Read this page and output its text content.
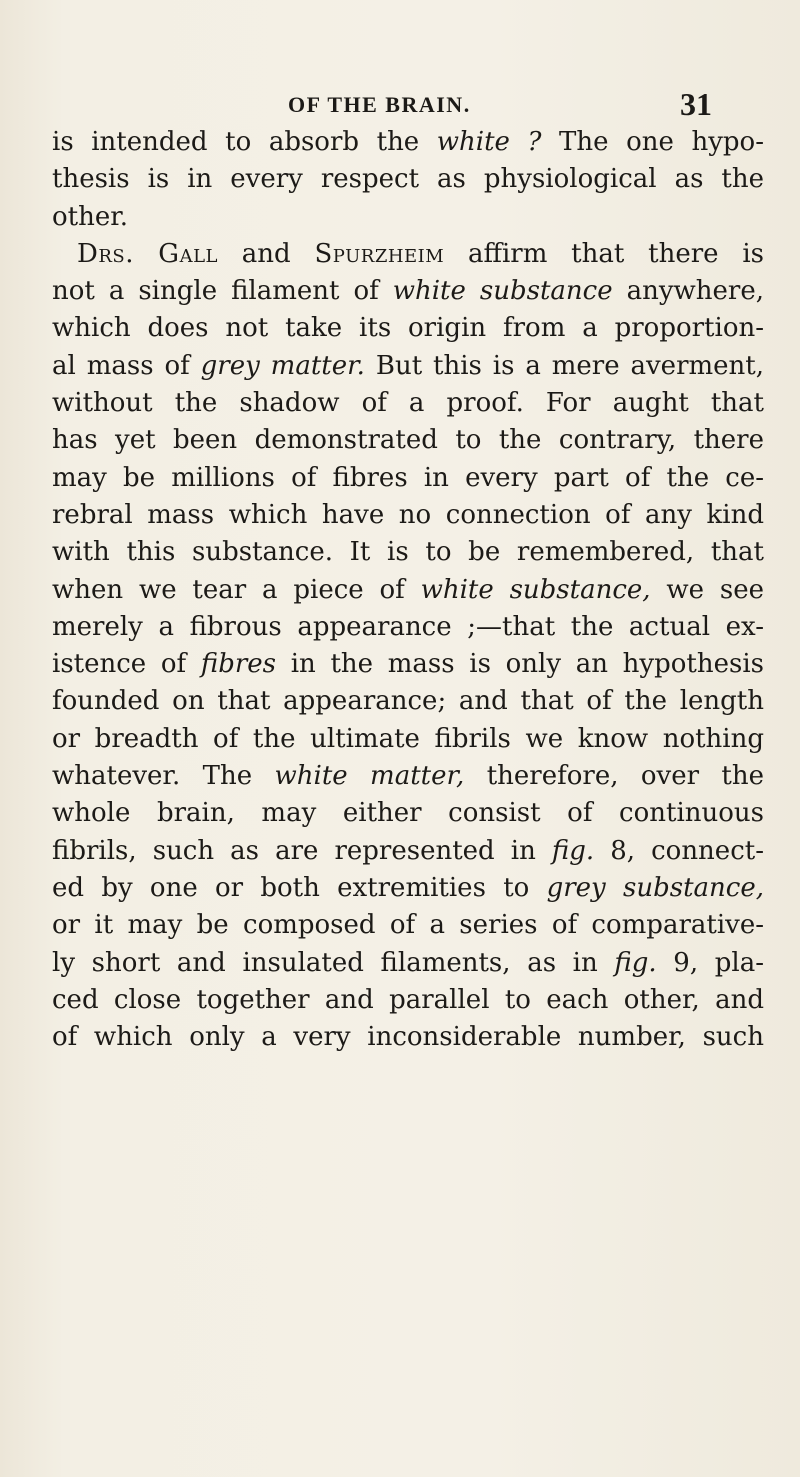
OF THE BRAIN.	31
is intended to absorb the white ? The one hypo-
thesis is in every respect as physiological as the
other.
Drs. Gall and Spurzheim affirm that there is
not a single filament of white substance anywhere,
which does not take its origin from a proportion-
al mass of grey matter. But this is a mere averment,
without the shadow of a proof. For aught that
has yet been demonstrated to the contrary, there
may be millions of fibres in every part of the ce-
rebral mass which have no connection of any kind
with this substance. It is to be remembered, that
when we tear a piece of white substance, we see
merely a fibrous appearance ;—that the actual ex-
istence of fibres in the mass is only an hypothesis
founded on that appearance; and that of the length
or breadth of the ultimate fibrils we know nothing
whatever. The white matter, therefore, over the
whole brain, may either consist of continuous
fibrils, such as are represented in fig. 8, connect-
ed by one or both extremities to grey substance,
or it may be composed of a series of comparative-
ly short and insulated filaments, as in fig. 9, pla-
ced close together and parallel to each other, and
of which only a very inconsiderable number, such
